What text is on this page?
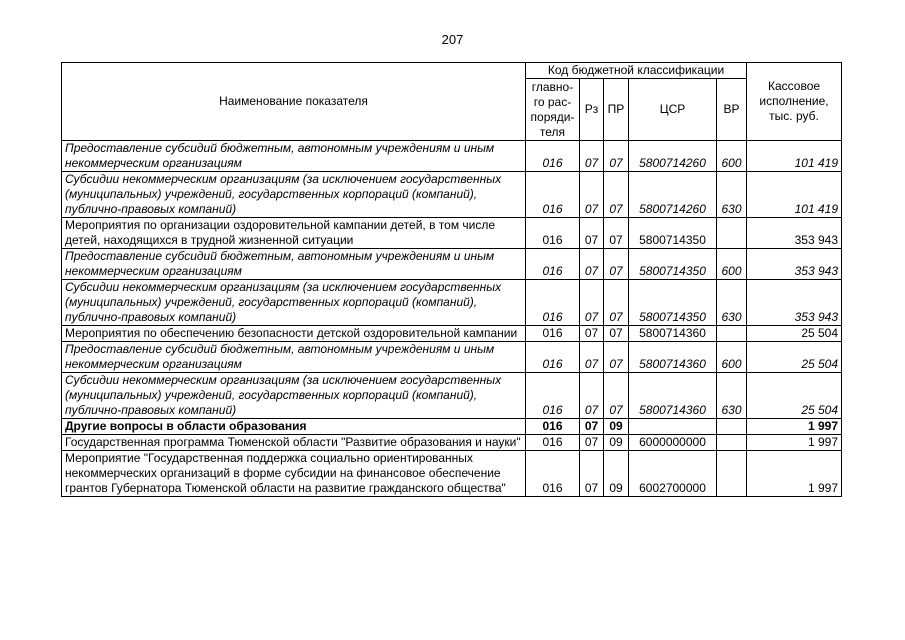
207
Наименование показателя	Код бюджетной классификации					Кассовое исполнение, тыс. руб.
	главно-го рас-поряди-теля	Рз	ПР	ЦСР	ВР	
Предоставление субсидий бюджетным, автономным учреждениям и иным некоммерческим организациям	016	07	07	5800714260	600	101 419
Субсидии некоммерческим организациям (за исключением государственных (муниципальных) учреждений, государственных корпораций (компаний), публично-правовых компаний)	016	07	07	5800714260	630	101 419
Мероприятия по организации оздоровительной кампании детей, в том числе детей, находящихся в трудной жизненной ситуации	016	07	07	5800714350		353 943
Предоставление субсидий бюджетным, автономным учреждениям и иным некоммерческим организациям	016	07	07	5800714350	600	353 943
Субсидии некоммерческим организациям (за исключением государственных (муниципальных) учреждений, государственных корпораций (компаний), публично-правовых компаний)	016	07	07	5800714350	630	353 943
Мероприятия по обеспечению безопасности детской оздоровительной кампании	016	07	07	5800714360		25 504
Предоставление субсидий бюджетным, автономным учреждениям и иным некоммерческим организациям	016	07	07	5800714360	600	25 504
Субсидии некоммерческим организациям (за исключением государственных (муниципальных) учреждений, государственных корпораций (компаний), публично-правовых компаний)	016	07	07	5800714360	630	25 504
Другие вопросы в области образования	016	07	09			1 997
Государственная программа Тюменской области "Развитие образования и науки"	016	07	09	6000000000		1 997
Мероприятие "Государственная поддержка социально ориентированных некоммерческих организаций в форме субсидии на финансовое обеспечение грантов Губернатора Тюменской области на развитие гражданского общества"	016	07	09	6002700000		1 997
